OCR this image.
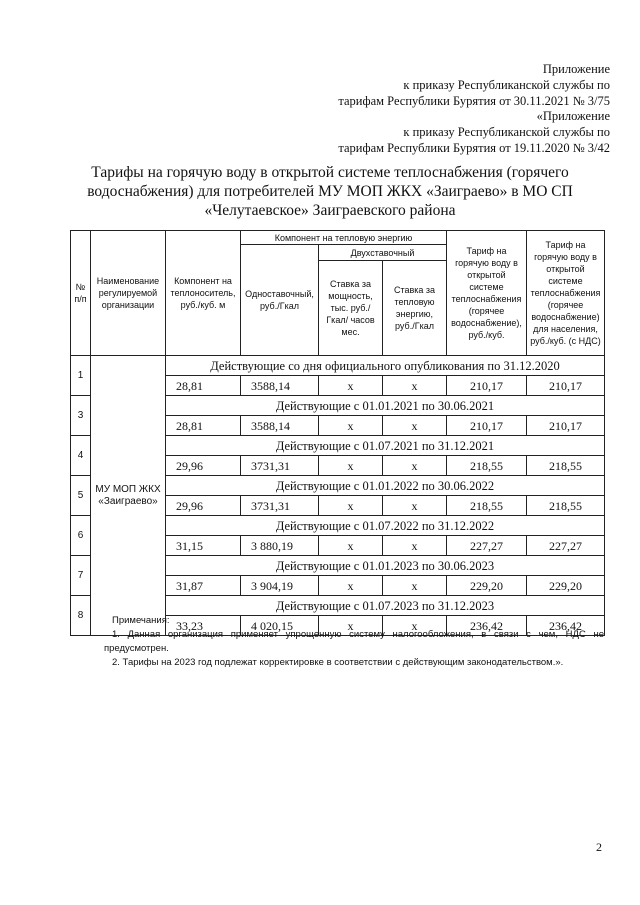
Приложение
к приказу Республиканской службы по
тарифам Республики Бурятия от 30.11.2021 № 3/75
«Приложение
к приказу Республиканской службы по
тарифам Республики Бурятия от 19.11.2020 № 3/42
Тарифы на горячую воду в открытой системе теплоснабжения (горячего
водоснабжения) для потребителей МУ МОП ЖКХ «Заиграево» в МО СП
«Челутаевское» Заиграевского района
№ п/п	Наименование регулируемой организации	Компонент на теплоноситель, руб./куб. м	Компонент на тепловую энергию			Тариф на горячую воду в открытой системе теплоснабжения (горячее водоснабжение), руб./куб.	Тариф на горячую воду в открытой системе теплоснабжения (горячее водоснабжение) для населения, руб./куб. (с НДС)
			Одноставочный, руб./Гкал	Двухставочный			
				Ставка за мощность, тыс. руб./Гкал/ часов мес.	Ставка за тепловую энергию, руб./Гкал		
1	МУ МОП ЖКХ «Заиграево»	Действующие со дня официального опубликования по 31.12.2020					
		28,81	3588,14	x	x	210,17	210,17
3		Действующие с 01.01.2021 по 30.06.2021					
		28,81	3588,14	x	x	210,17	210,17
4		Действующие с 01.07.2021 по 31.12.2021					
		29,96	3731,31	x	x	218,55	218,55
5		Действующие с 01.01.2022 по 30.06.2022					
		29,96	3731,31	x	x	218,55	218,55
6		Действующие с 01.07.2022 по 31.12.2022					
		31,15	3 880,19	x	x	227,27	227,27
7		Действующие с 01.01.2023 по 30.06.2023					
		31,87	3 904,19	x	x	229,20	229,20
8		Действующие с 01.07.2023 по 31.12.2023					
		33,23	4 020,15	x	x	236,42	236,42
Примечания:
1. Данная организация применяет упрощенную систему налогообложения, в связи с чем, НДС не предусмотрен.
2. Тарифы на 2023 год подлежат корректировке в соответствии с действующим законодательством.».
2
